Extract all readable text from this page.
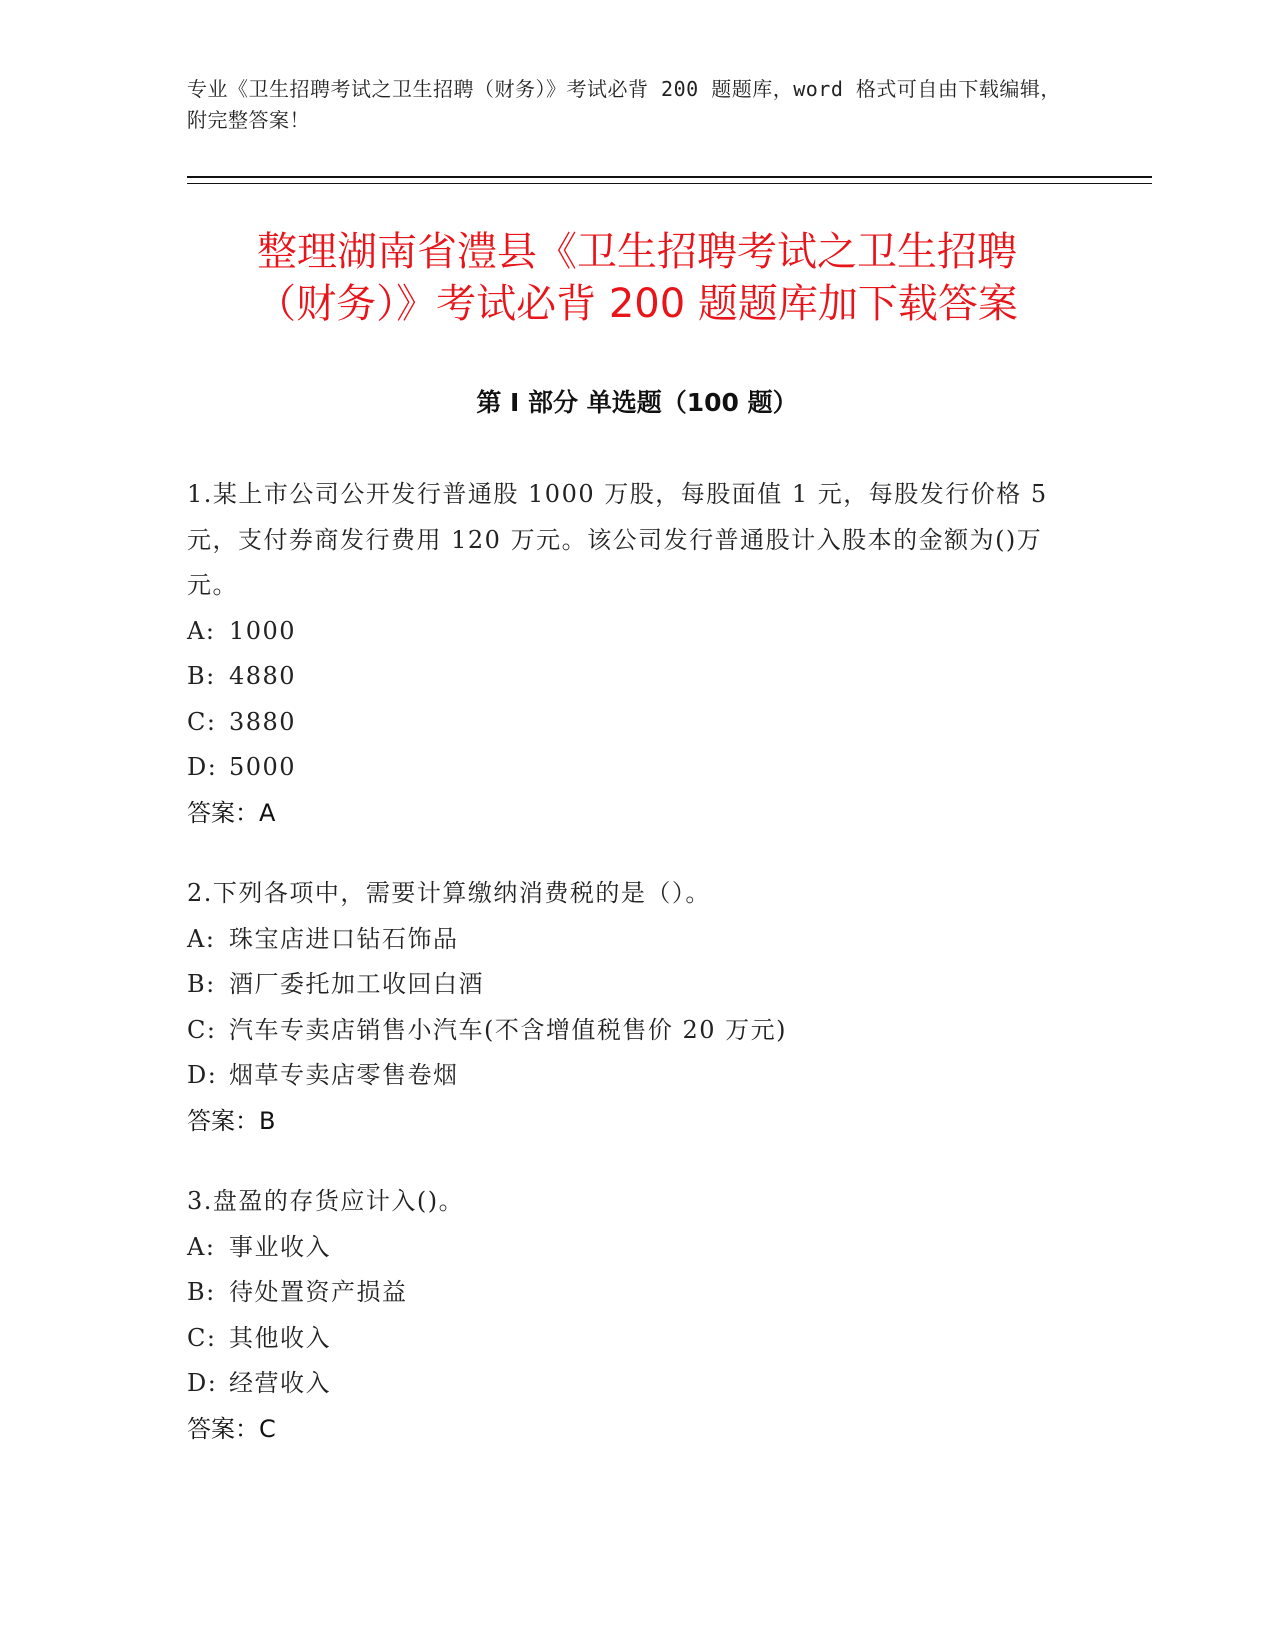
专业《卫生招聘考试之卫生招聘（财务）》考试必背 200 题题库，word 格式可自由下载编辑，附完整答案！
整理湖南省澧县《卫生招聘考试之卫生招聘
（财务）》考试必背 200 题题库加下载答案
第 I 部分 单选题（100 题）
1.某上市公司公开发行普通股 1000 万股，每股面值 1 元，每股发行价格 5 元，支付券商发行费用 120 万元。该公司发行普通股计入股本的金额为()万元。
A: 1000
B: 4880
C: 3880
D: 5000
答案：A
2.下列各项中，需要计算缴纳消费税的是（）。
A: 珠宝店进口钻石饰品
B: 酒厂委托加工收回白酒
C: 汽车专卖店销售小汽车(不含增值税售价 20 万元)
D: 烟草专卖店零售卷烟
答案：B
3.盘盈的存货应计入()。
A: 事业收入
B: 待处置资产损益
C: 其他收入
D: 经营收入
答案：C
